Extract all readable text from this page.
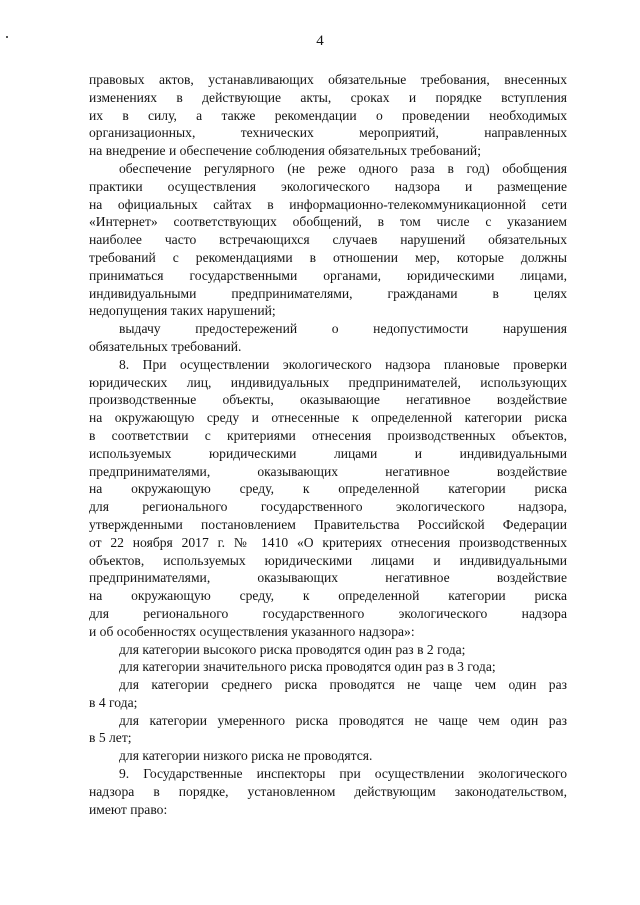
4

правовых актов, устанавливающих обязательные требования, внесенных

изменениях в действующие акты, сроках и порядке вступления

их в силу, а также рекомендации о проведении необходимых

организационных, технических мероприятий, направленных

на внедрение и обеспечение соблюдения обязательных требований;

обеспечение регулярного (не реже одного раза в год) обобщения

практики осуществления экологического надзора и размещение

на официальных сайтах в информационно-телекоммуникационной сети

«Интернет» соответствующих обобщений, в том числе с указанием

наиболее часто встречающихся случаев нарушений обязательных

требований с рекомендациями в отношении мер, которые должны

приниматься государственными органами, юридическими лицами,

индивидуальными предпринимателями, гражданами в целях

недопущения таких нарушений;

выдачу предостережений о недопустимости нарушения

обязательных требований.

8. При осуществлении экологического надзора плановые проверки

юридических лиц, индивидуальных предпринимателей, использующих

производственные объекты, оказывающие негативное воздействие

на окружающую среду и отнесенные к определенной категории риска

в соответствии с критериями отнесения производственных объектов,

используемых юридическими лицами и индивидуальными

предпринимателями, оказывающих негативное воздействие

на окружающую среду, к определенной категории риска

для регионального государственного экологического надзора,

утвержденными постановлением Правительства Российской Федерации

от 22 ноября 2017 г. № 1410 «О критериях отнесения производственных

объектов, используемых юридическими лицами и индивидуальными

предпринимателями, оказывающих негативное воздействие

на окружающую среду, к определенной категории риска

для регионального государственного экологического надзора

и об особенностях осуществления указанного надзора»:

для категории высокого риска проводятся один раз в 2 года;

для категории значительного риска проводятся один раз в 3 года;

для категории среднего риска проводятся не чаще чем один раз

в 4 года;

для категории умеренного риска проводятся не чаще чем один раз

в 5 лет;

для категории низкого риска не проводятся.

9. Государственные инспекторы при осуществлении экологического

надзора в порядке, установленном действующим законодательством,

имеют право:
